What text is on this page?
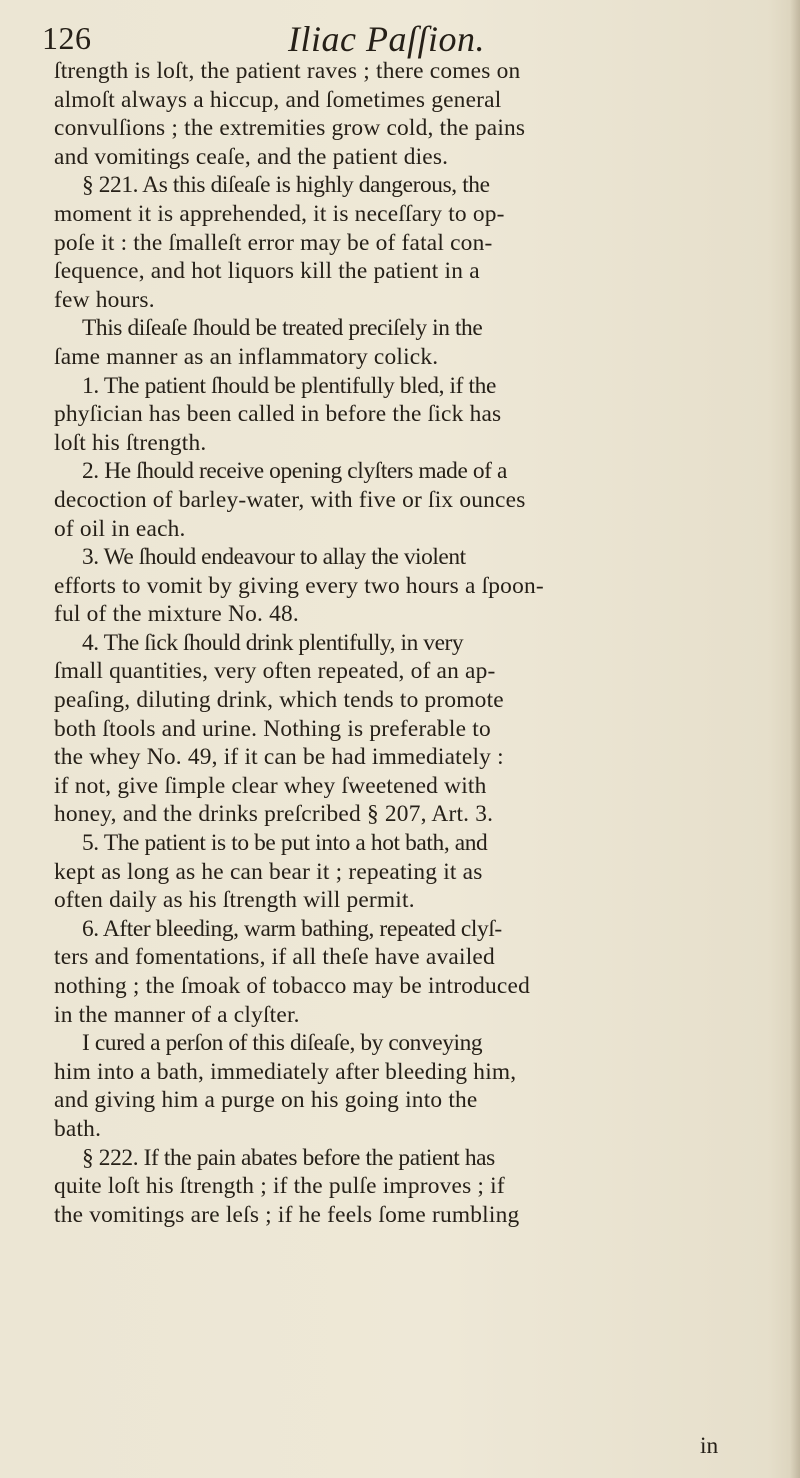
126	Iliac Paſſion.

ſtrength is loſt, the patient raves ; there comes on

almoſt always a hiccup, and ſometimes general

convulſions ; the extremities grow cold, the pains

and vomitings ceaſe, and the patient dies.

§ 221. As this diſeaſe is highly dangerous, the

moment it is apprehended, it is neceſſary to op-

poſe it : the ſmalleſt error may be of fatal con-

ſequence, and hot liquors kill the patient in a

few hours.

This diſeaſe ſhould be treated preciſely in the

ſame manner as an inflammatory colick.

1. The patient ſhould be plentifully bled, if the

phyſician has been called in before the ſick has

loſt his ſtrength.

2. He ſhould receive opening clyſters made of a

decoction of barley-water, with five or ſix ounces

of oil in each.

3. We ſhould endeavour to allay the violent

efforts to vomit by giving every two hours a ſpoon-

ful of the mixture No. 48.

4. The ſick ſhould drink plentifully, in very

ſmall quantities, very often repeated, of an ap-

peaſing, diluting drink, which tends to promote

both ſtools and urine. Nothing is preferable to

the whey No. 49, if it can be had immediately :

if not, give ſimple clear whey ſweetened with

honey, and the drinks preſcribed § 207, Art. 3.

5. The patient is to be put into a hot bath, and

kept as long as he can bear it ; repeating it as

often daily as his ſtrength will permit.

6. After bleeding, warm bathing, repeated clyſ-

ters and fomentations, if all theſe have availed

nothing ; the ſmoak of tobacco may be introduced

in the manner of a clyſter.

I cured a perſon of this diſeaſe, by conveying

him into a bath, immediately after bleeding him,

and giving him a purge on his going into the

bath.

§ 222. If the pain abates before the patient has

quite loſt his ſtrength ; if the pulſe improves ; if

the vomitings are leſs ; if he feels ſome rumbling

in
